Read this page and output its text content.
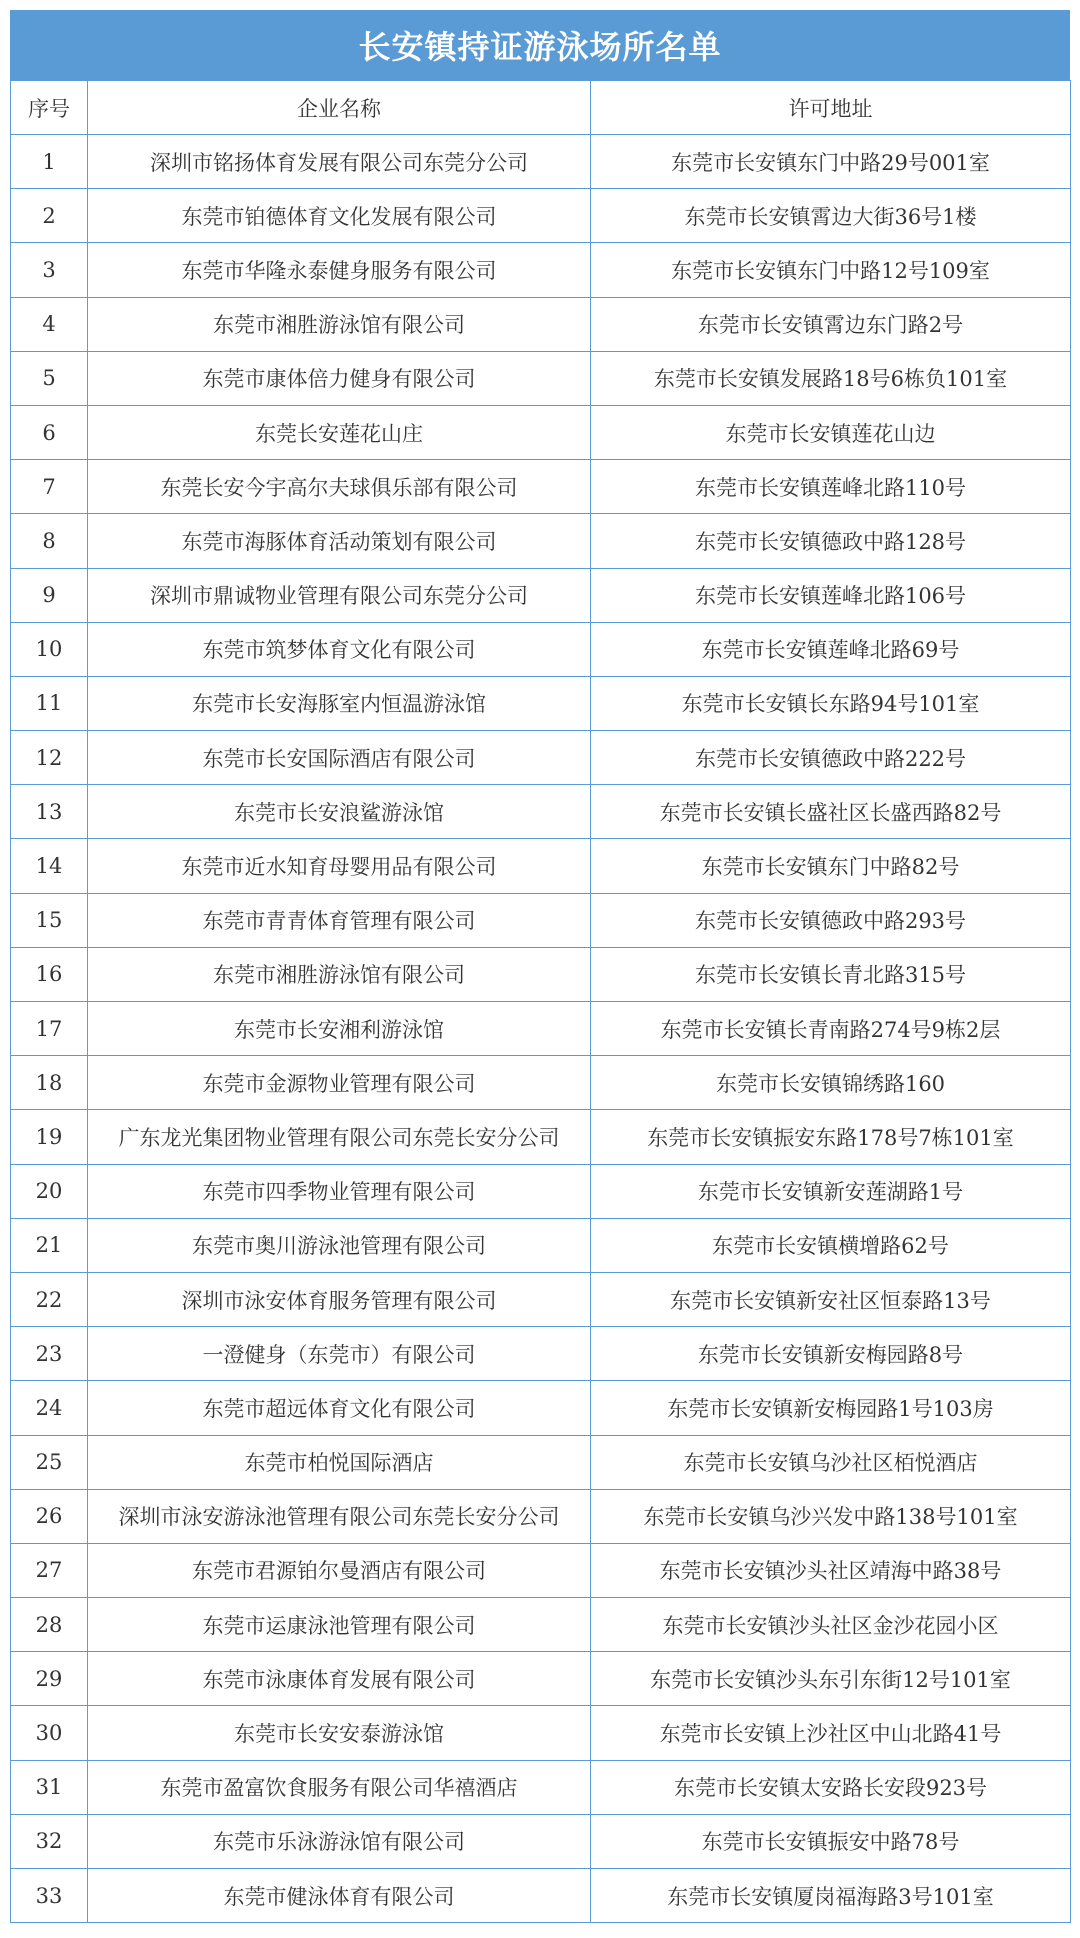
长安镇持证游泳场所名单
序号	企业名称	许可地址
1	深圳市铭扬体育发展有限公司东莞分公司	东莞市长安镇东门中路29号001室
2	东莞市铂德体育文化发展有限公司	东莞市长安镇霄边大街36号1楼
3	东莞市华隆永泰健身服务有限公司	东莞市长安镇东门中路12号109室
4	东莞市湘胜游泳馆有限公司	东莞市长安镇霄边东门路2号
5	东莞市康体倍力健身有限公司	东莞市长安镇发展路18号6栋负101室
6	东莞长安莲花山庄	东莞市长安镇莲花山边
7	东莞长安今宇高尔夫球俱乐部有限公司	东莞市长安镇莲峰北路110号
8	东莞市海豚体育活动策划有限公司	东莞市长安镇德政中路128号
9	深圳市鼎诚物业管理有限公司东莞分公司	东莞市长安镇莲峰北路106号
10	东莞市筑梦体育文化有限公司	东莞市长安镇莲峰北路69号
11	东莞市长安海豚室内恒温游泳馆	东莞市长安镇长东路94号101室
12	东莞市长安国际酒店有限公司	东莞市长安镇德政中路222号
13	东莞市长安浪鲨游泳馆	东莞市长安镇长盛社区长盛西路82号
14	东莞市近水知育母婴用品有限公司	东莞市长安镇东门中路82号
15	东莞市青青体育管理有限公司	东莞市长安镇德政中路293号
16	东莞市湘胜游泳馆有限公司	东莞市长安镇长青北路315号
17	东莞市长安湘利游泳馆	东莞市长安镇长青南路274号9栋2层
18	东莞市金源物业管理有限公司	东莞市长安镇锦绣路160
19	广东龙光集团物业管理有限公司东莞长安分公司	东莞市长安镇振安东路178号7栋101室
20	东莞市四季物业管理有限公司	东莞市长安镇新安莲湖路1号
21	东莞市奥川游泳池管理有限公司	东莞市长安镇横增路62号
22	深圳市泳安体育服务管理有限公司	东莞市长安镇新安社区恒泰路13号
23	一澄健身（东莞市）有限公司	东莞市长安镇新安梅园路8号
24	东莞市超远体育文化有限公司	东莞市长安镇新安梅园路1号103房
25	东莞市柏悦国际酒店	东莞市长安镇乌沙社区栢悦酒店
26	深圳市泳安游泳池管理有限公司东莞长安分公司	东莞市长安镇乌沙兴发中路138号101室
27	东莞市君源铂尔曼酒店有限公司	东莞市长安镇沙头社区靖海中路38号
28	东莞市运康泳池管理有限公司	东莞市长安镇沙头社区金沙花园小区
29	东莞市泳康体育发展有限公司	东莞市长安镇沙头东引东街12号101室
30	东莞市长安安泰游泳馆	东莞市长安镇上沙社区中山北路41号
31	东莞市盈富饮食服务有限公司华禧酒店	东莞市长安镇太安路长安段923号
32	东莞市乐泳游泳馆有限公司	东莞市长安镇振安中路78号
33	东莞市健泳体育有限公司	东莞市长安镇厦岗福海路3号101室
